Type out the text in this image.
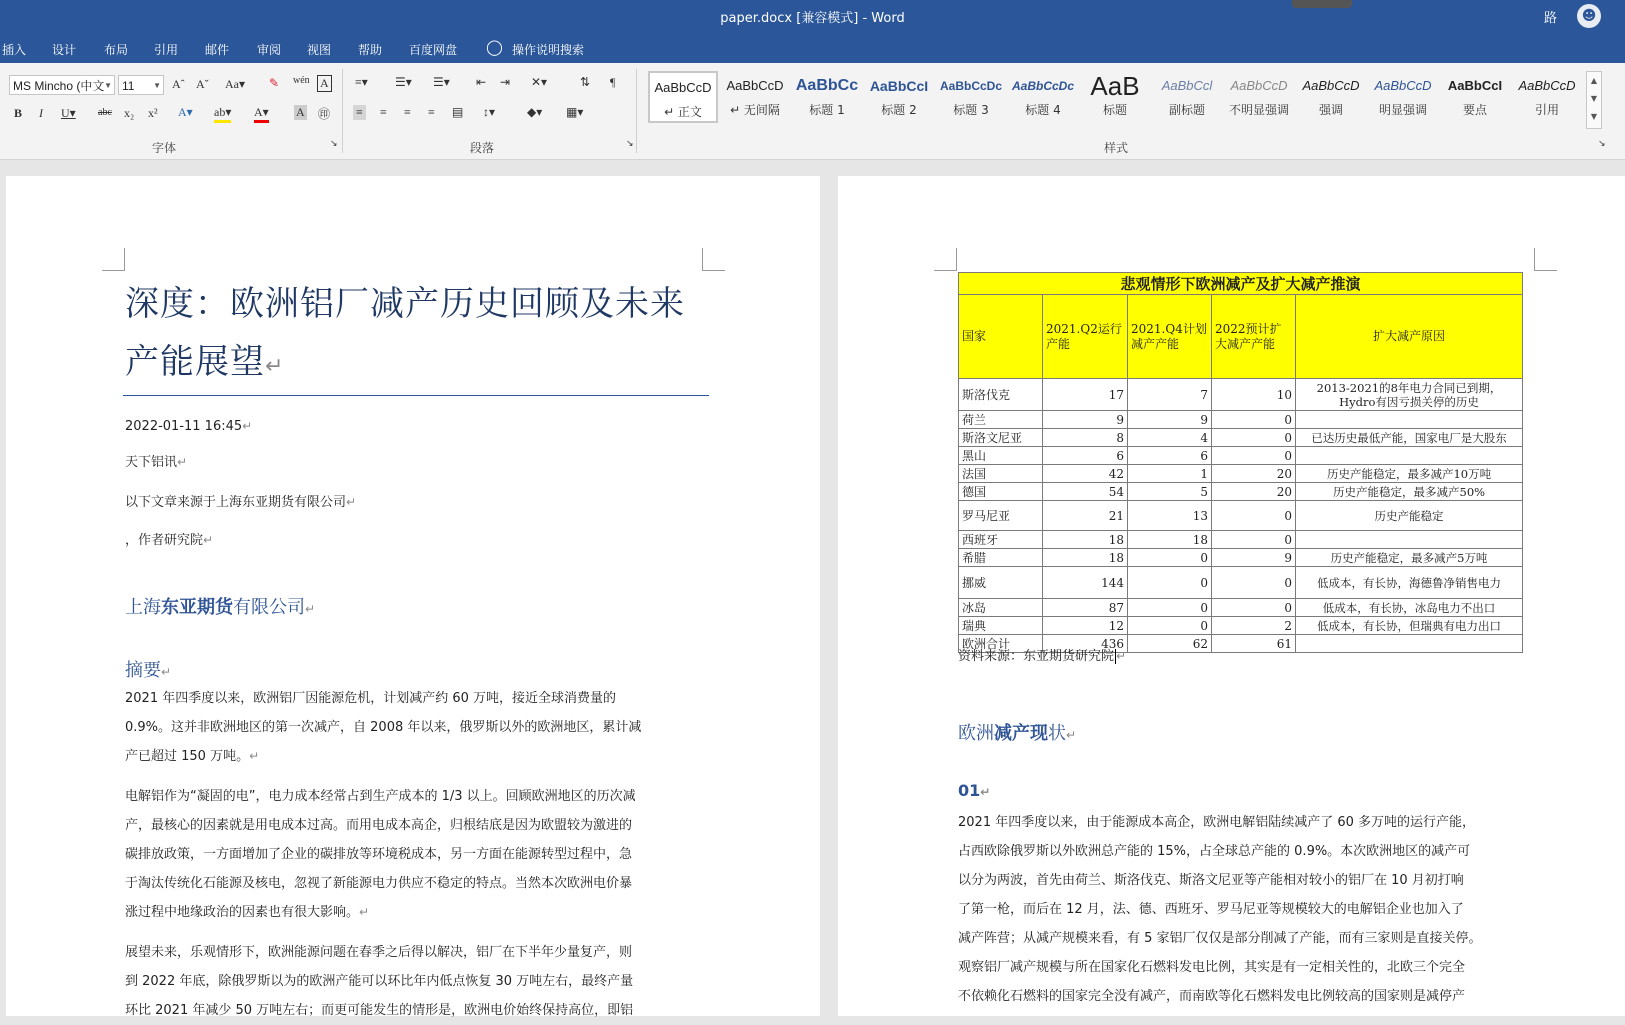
paper.docx [兼容模式] - Word	路	☻
插入 设计 布局 引用 邮件 审阅 视图 帮助 百度网盘 ◯ 操作说明搜索
MS Mincho (中文 ▼ 11 ▼ Aˆ Aˇ Aa▾ ✎ wén A
B I U▾ abc x₂ x² A▾ ab▾ A▾ A ㊞
字体	↘
≡▾ ☰▾ ☰▾ ⇤ ⇥ ✕▾	⇅ ¶
≡ ≡ ≡ ≡ ▤ ↕▾	◆▾ ▦▾
段落	↘
AaBbCcD
↵ 正文
AaBbCcD
↵ 无间隔
AaBbCc
标题 1
AaBbCcI
标题 2
AaBbCcDc
标题 3
AaBbCcDc
标题 4
AaB
标题
AaBbCcl
副标题
AaBbCcD
不明显强调
AaBbCcD
强调
AaBbCcD
明显强调
AaBbCcI
要点
AaBbCcD
引用
▲
▼
▼
样式	↘
深度：欧洲铝厂减产历史回顾及未来
产能展望↵
2022-01-11 16:45↵
天下铝讯↵
以下文章来源于上海东亚期货有限公司↵
，作者研究院↵
上海东亚期货有限公司↵
摘要↵
2021 年四季度以来，欧洲铝厂因能源危机，计划减产约 60 万吨，接近全球消费量的
0.9%。这并非欧洲地区的第一次减产，自 2008 年以来，俄罗斯以外的欧洲地区，累计减
产已超过 150 万吨。↵
电解铝作为“凝固的电”，电力成本经常占到生产成本的 1/3 以上。回顾欧洲地区的历次减
产，最核心的因素就是用电成本过高。而用电成本高企，归根结底是因为欧盟较为激进的
碳排放政策，一方面增加了企业的碳排放等环境税成本，另一方面在能源转型过程中，急
于淘汰传统化石能源及核电，忽视了新能源电力供应不稳定的特点。当然本次欧洲电价暴
涨过程中地缘政治的因素也有很大影响。↵
展望未来，乐观情形下，欧洲能源问题在春季之后得以解决，铝厂在下半年少量复产，则
到 2022 年底，除俄罗斯以为的欧洲产能可以环比年内低点恢复 30 万吨左右，最终产量
环比 2021 年减少 50 万吨左右；而更可能发生的情形是，欧洲电价始终保持高位，即铝
悲观情形下欧洲减产及扩大减产推演				
国家	2021.Q2运行产能	2021.Q4计划减产产能	2022预计扩大减产产能	扩大减产原因
斯洛伐克	17	7	10	2013-2021的8年电力合同已到期，Hydro有因亏损关停的历史
荷兰	9	9	0	
斯洛文尼亚	8	4	0	已达历史最低产能，国家电厂是大股东
黑山	6	6	0	
法国	42	1	20	历史产能稳定，最多减产10万吨
德国	54	5	20	历史产能稳定，最多减产50%
罗马尼亚	21	13	0	历史产能稳定
西班牙	18	18	0	
希腊	18	0	9	历史产能稳定，最多减产5万吨
挪威	144	0	0	低成本，有长协，海德鲁净销售电力
冰岛	87	0	0	低成本，有长协，冰岛电力不出口
瑞典	12	0	2	低成本，有长协，但瑞典有电力出口
欧洲合计	436	62	61	
资料来源：东亚期货研究院 ↵
欧洲减产现状↵
01↵
2021 年四季度以来，由于能源成本高企，欧洲电解铝陆续减产了 60 多万吨的运行产能，
占西欧除俄罗斯以外欧洲总产能的 15%，占全球总产能的 0.9%。本次欧洲地区的减产可
以分为两波，首先由荷兰、斯洛伐克、斯洛文尼亚等产能相对较小的铝厂在 10 月初打响
了第一枪，而后在 12 月，法、德、西班牙、罗马尼亚等规模较大的电解铝企业也加入了
减产阵营；从减产规模来看，有 5 家铝厂仅仅是部分削减了产能，而有三家则是直接关停。
观察铝厂减产规模与所在国家化石燃料发电比例，其实是有一定相关性的，北欧三个完全
不依赖化石燃料的国家完全没有减产，而南欧等化石燃料发电比例较高的国家则是减停产
